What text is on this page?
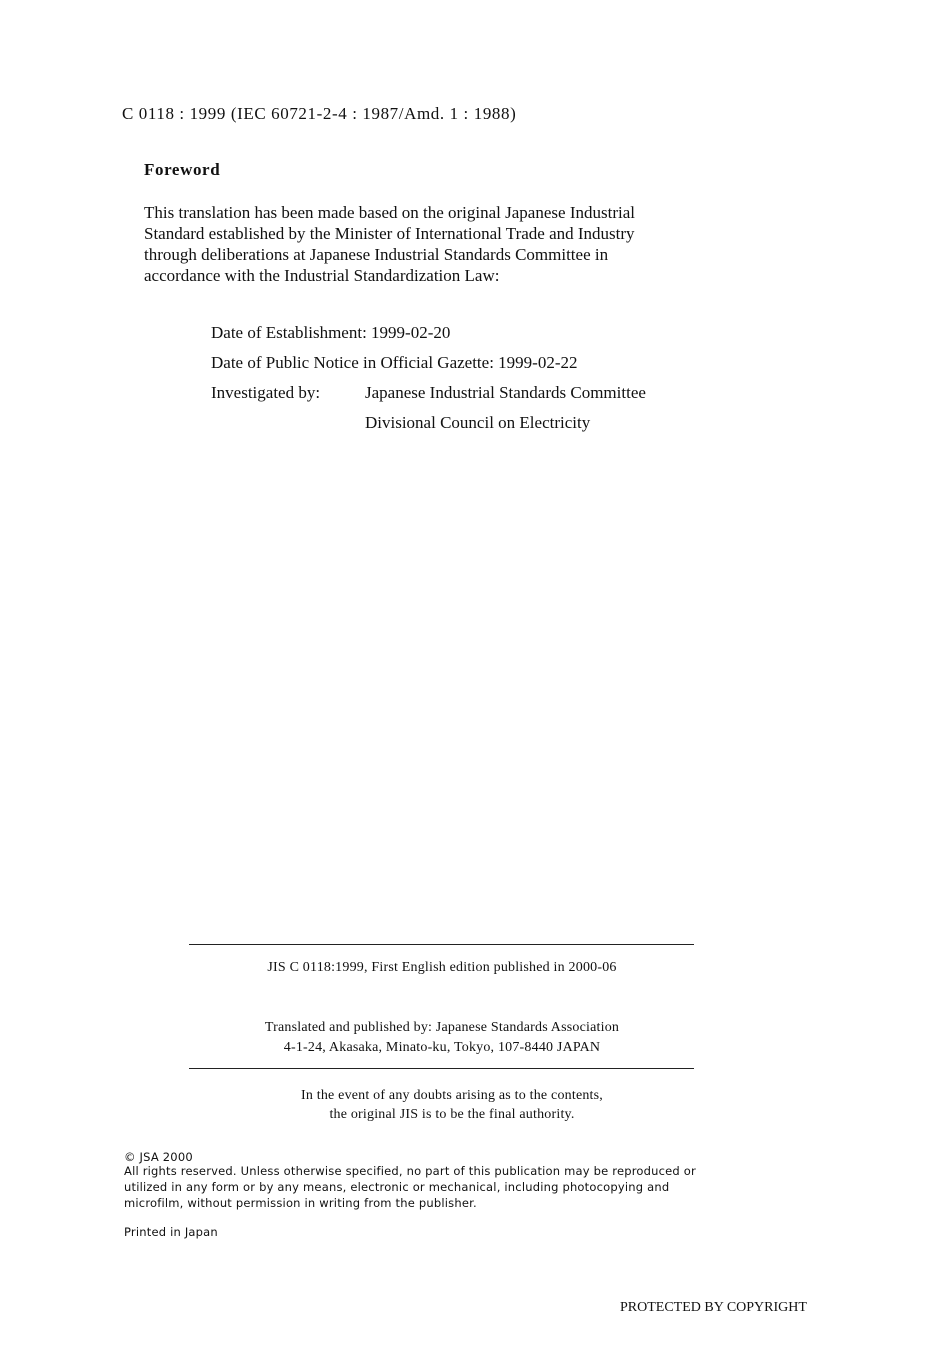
C 0118 : 1999 (IEC 60721-2-4 : 1987/Amd. 1 : 1988)
Foreword
This translation has been made based on the original Japanese Industrial
Standard established by the Minister of International Trade and Industry
through deliberations at Japanese Industrial Standards Committee in
accordance with the Industrial Standardization Law:
Date of Establishment: 1999-02-20
Date of Public Notice in Official Gazette: 1999-02-22
Investigated by:	Japanese Industrial Standards Committee
Divisional Council on Electricity
JIS C 0118:1999, First English edition published in 2000-06
Translated and published by: Japanese Standards Association
4-1-24, Akasaka, Minato-ku, Tokyo, 107-8440 JAPAN
In the event of any doubts arising as to the contents,
the original JIS is to be the final authority.
© JSA 2000
All rights reserved. Unless otherwise specified, no part of this publication may be reproduced or
utilized in any form or by any means, electronic or mechanical, including photocopying and
microfilm, without permission in writing from the publisher.
Printed in Japan
PROTECTED BY COPYRIGHT
